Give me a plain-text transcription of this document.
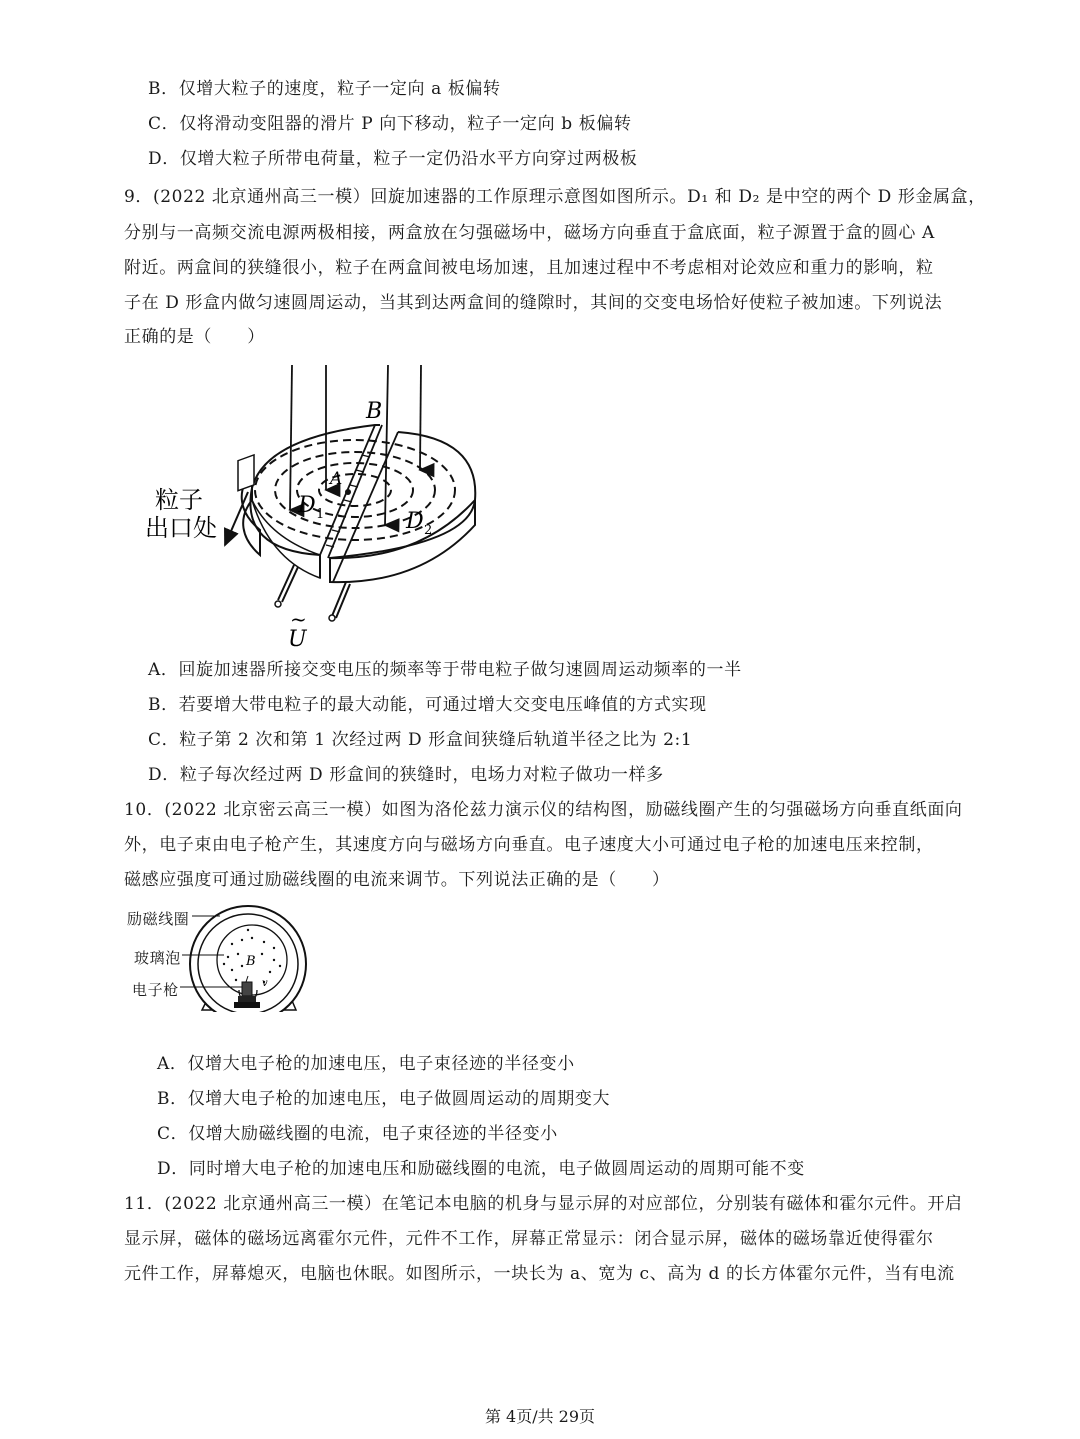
B．仅增大粒子的速度，粒子一定向 a 板偏转
C．仅将滑动变阻器的滑片 P 向下移动，粒子一定向 b 板偏转
D．仅增大粒子所带电荷量，粒子一定仍沿水平方向穿过两极板
9．(2022 北京通州高三一模）回旋加速器的工作原理示意图如图所示。D₁ 和 D₂ 是中空的两个 D 形金属盒，
分别与一高频交流电源两极相接，两盒放在匀强磁场中，磁场方向垂直于盒底面，粒子源置于盒的圆心 A
附近。两盒间的狭缝很小，粒子在两盒间被电场加速，且加速过程中不考虑相对论效应和重力的影响，粒
子在 D 形盒内做匀速圆周运动，当其到达两盒间的缝隙时，其间的交变电场恰好使粒子被加速。下列说法
正确的是（　　）
B
A
D 1	D 2
粒子
出口处
~
U
A．回旋加速器所接交变电压的频率等于带电粒子做匀速圆周运动频率的一半
B．若要增大带电粒子的最大动能，可通过增大交变电压峰值的方式实现
C．粒子第 2 次和第 1 次经过两 D 形盒间狭缝后轨道半径之比为 2:1
D．粒子每次经过两 D 形盒间的狭缝时，电场力对粒子做功一样多
10．(2022 北京密云高三一模）如图为洛伦兹力演示仪的结构图，励磁线圈产生的匀强磁场方向垂直纸面向
外，电子束由电子枪产生，其速度方向与磁场方向垂直。电子速度大小可通过电子枪的加速电压来控制，
磁感应强度可通过励磁线圈的电流来调节。下列说法正确的是（　　）
B
v
励磁线圈
玻璃泡
电子枪
A．仅增大电子枪的加速电压，电子束径迹的半径变小
B．仅增大电子枪的加速电压，电子做圆周运动的周期变大
C．仅增大励磁线圈的电流，电子束径迹的半径变小
D．同时增大电子枪的加速电压和励磁线圈的电流，电子做圆周运动的周期可能不变
11．(2022 北京通州高三一模）在笔记本电脑的机身与显示屏的对应部位，分别装有磁体和霍尔元件。开启
显示屏，磁体的磁场远离霍尔元件，元件不工作，屏幕正常显示：闭合显示屏，磁体的磁场靠近使得霍尔
元件工作，屏幕熄灭，电脑也休眠。如图所示，一块长为 a、宽为 c、高为 d 的长方体霍尔元件，当有电流
第 4页/共 29页
